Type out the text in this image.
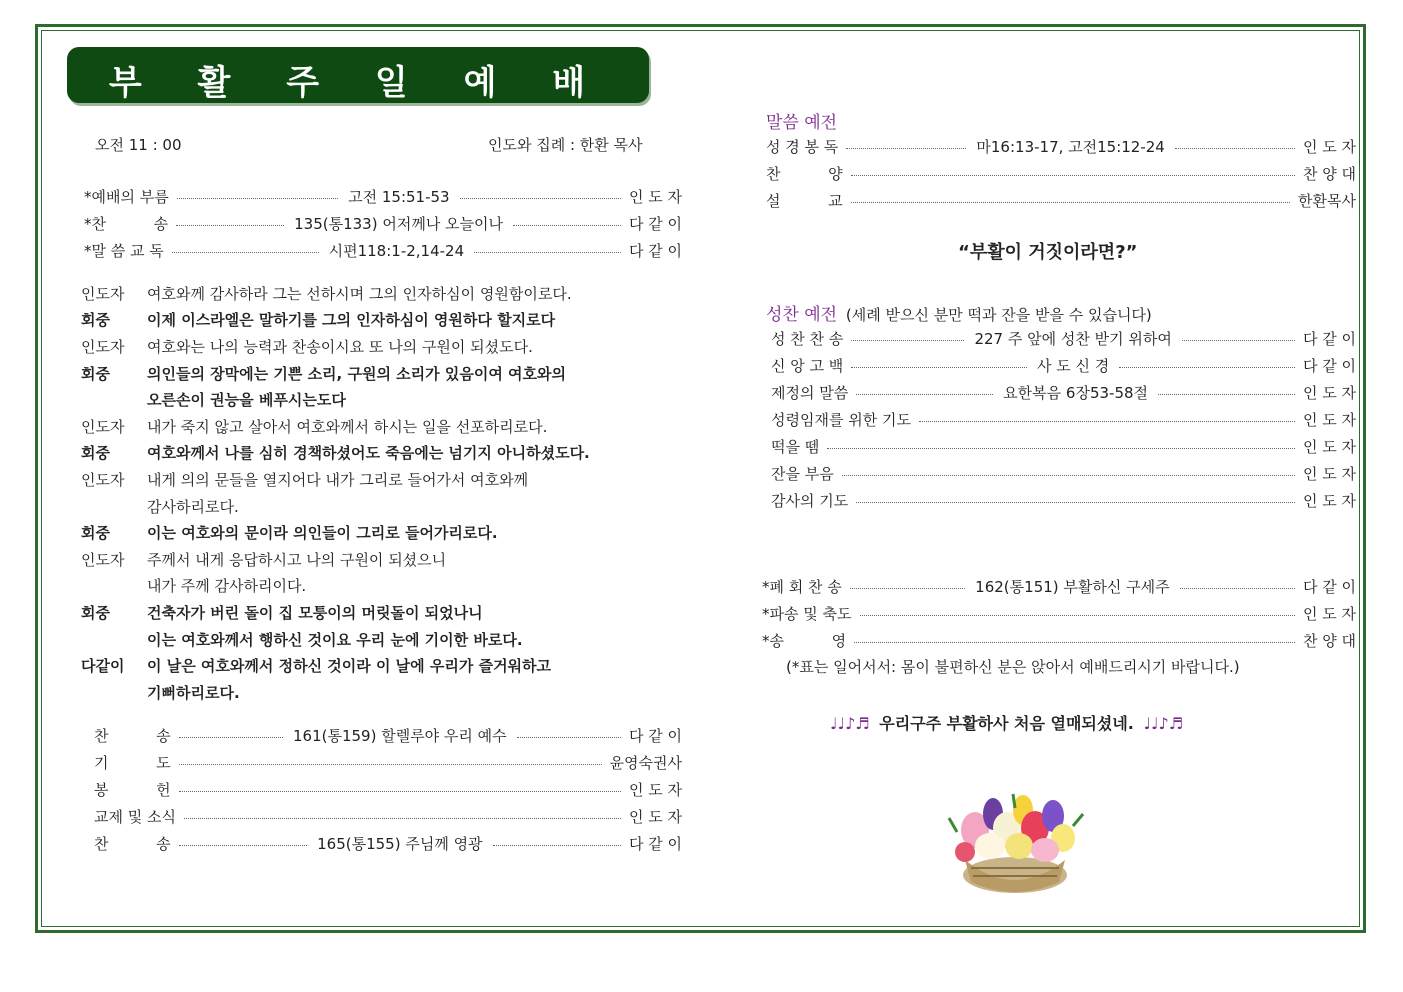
부 활 주 일 예 배
오전 11 : 00	인도와 집례 : 한환 목사
*예배의 부름	고전 15:51-53	인 도 자
*찬          송	135(통133) 어저께나 오늘이나	다 같 이
*말 씀 교 독	시편118:1-2,14-24	다 같 이
인도자	여호와께 감사하라 그는 선하시며 그의 인자하심이 영원함이로다.
회중	이제 이스라엘은 말하기를 그의 인자하심이 영원하다 할지로다
인도자	여호와는 나의 능력과 찬송이시요 또 나의 구원이 되셨도다.
회중	의인들의 장막에는 기쁜 소리, 구원의 소리가 있음이여 여호와의
오른손이 권능을 베푸시는도다
인도자	내가 죽지 않고 살아서 여호와께서 하시는 일을 선포하리로다.
회중	여호와께서 나를 심히 경책하셨어도 죽음에는 넘기지 아니하셨도다.
인도자	내게 의의 문들을 열지어다 내가 그리로 들어가서 여호와께
감사하리로다.
회중	이는 여호와의 문이라 의인들이 그리로 들어가리로다.
인도자	주께서 내게 응답하시고 나의 구원이 되셨으니
내가 주께 감사하리이다.
회중	건축자가 버린 돌이 집 모퉁이의 머릿돌이 되었나니
이는 여호와께서 행하신 것이요 우리 눈에 기이한 바로다.
다같이	이 날은 여호와께서 정하신 것이라 이 날에 우리가 즐거워하고
기뻐하리로다.
찬          송	161(통159) 할렐루야 우리 예수	다 같 이
기          도	윤영숙권사
봉          헌	인 도 자
교제 및 소식	인 도 자
찬          송	165(통155) 주님께 영광	다 같 이
말씀 예전
성 경 봉 독	마16:13-17, 고전15:12-24	인 도 자
찬          양	찬 양 대
설          교	한환목사
“부활이 거짓이라면?”
성찬 예전 (세례 받으신 분만 떡과 잔을 받을 수 있습니다)
성 찬 찬 송	227 주 앞에 성찬 받기 위하여	다 같 이
신 앙 고 백	사 도 신 경	다 같 이
제정의 말씀	요한복음 6장53-58절	인 도 자
성령임재를 위한 기도	인 도 자
떡을 뗌	인 도 자
잔을 부음	인 도 자
감사의 기도	인 도 자
*폐 회 찬 송	162(통151) 부활하신 구세주	다 같 이
*파송 및 축도	인 도 자
*송          영	찬 양 대
(*표는 일어서서: 몸이 불편하신 분은 앉아서 예배드리시기 바랍니다.)
♩♩♪♬ 우리구주 부활하사 처음 열매되셨네. ♩♩♪♬
